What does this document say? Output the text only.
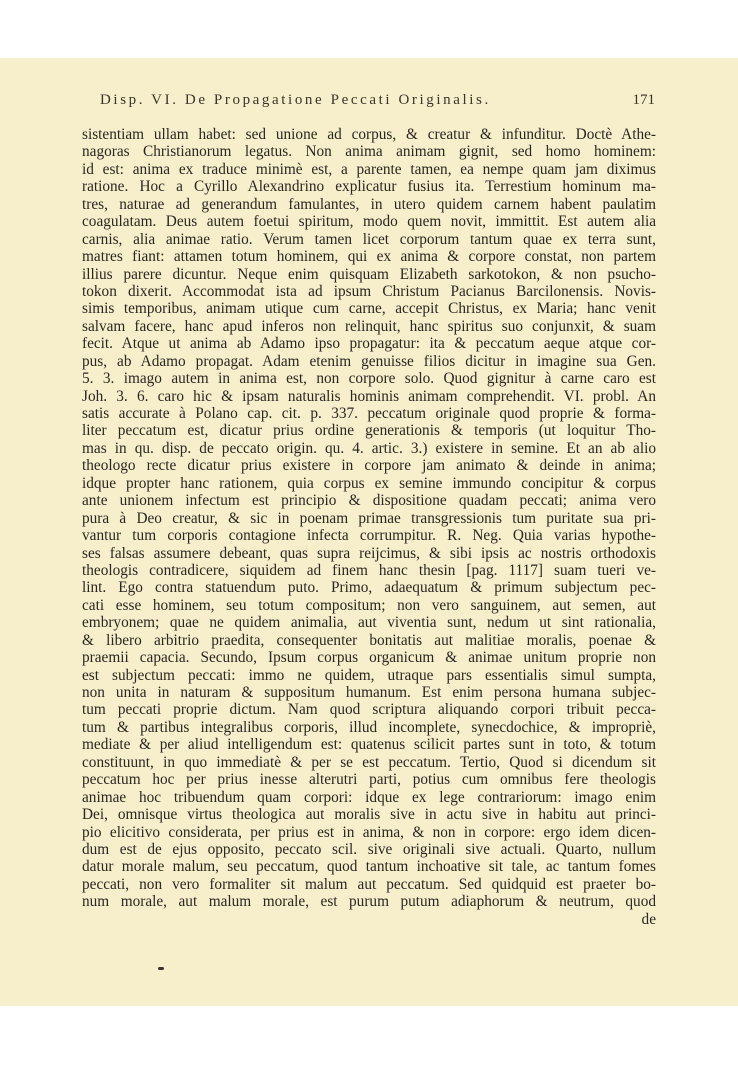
Disp. VI. De Propagatione Peccati Originalis.	171
sistentiam ullam habet: sed unione ad corpus, & creatur & infunditur. Doctè Athe-
nagoras Christianorum legatus. Non anima animam gignit, sed homo hominem:
id est: anima ex traduce minimè est, a parente tamen, ea nempe quam jam diximus
ratione. Hoc a Cyrillo Alexandrino explicatur fusius ita. Terrestium hominum ma-
tres, naturae ad generandum famulantes, in utero quidem carnem habent paulatim
coagulatam. Deus autem foetui spiritum, modo quem novit, immittit. Est autem alia
carnis, alia animae ratio. Verum tamen licet corporum tantum quae ex terra sunt,
matres fiant: attamen totum hominem, qui ex anima & corpore constat, non partem
illius parere dicuntur. Neque enim quisquam Elizabeth sarkotokon, & non psucho-
tokon dixerit. Accommodat ista ad ipsum Christum Pacianus Barcilonensis. Novis-
simis temporibus, animam utique cum carne, accepit Christus, ex Maria; hanc venit
salvam facere, hanc apud inferos non relinquit, hanc spiritus suo conjunxit, & suam
fecit. Atque ut anima ab Adamo ipso propagatur: ita & peccatum aeque atque cor-
pus, ab Adamo propagat. Adam etenim genuisse filios dicitur in imagine sua Gen.
5. 3. imago autem in anima est, non corpore solo. Quod gignitur à carne caro est
Joh. 3. 6. caro hic & ipsam naturalis hominis animam comprehendit. VI. probl. An
satis accurate à Polano cap. cit. p. 337. peccatum originale quod proprie & forma-
liter peccatum est, dicatur prius ordine generationis & temporis (ut loquitur Tho-
mas in qu. disp. de peccato origin. qu. 4. artic. 3.) existere in semine. Et an ab alio
theologo recte dicatur prius existere in corpore jam animato & deinde in anima;
idque propter hanc rationem, quia corpus ex semine immundo concipitur & corpus
ante unionem infectum est principio & dispositione quadam peccati; anima vero
pura à Deo creatur, & sic in poenam primae transgressionis tum puritate sua pri-
vantur tum corporis contagione infecta corrumpitur. R. Neg. Quia varias hypothe-
ses falsas assumere debeant, quas supra reijcimus, & sibi ipsis ac nostris orthodoxis
theologis contradicere, siquidem ad finem hanc thesin [pag. 1117] suam tueri ve-
lint. Ego contra statuendum puto. Primo, adaequatum & primum subjectum pec-
cati esse hominem, seu totum compositum; non vero sanguinem, aut semen, aut
embryonem; quae ne quidem animalia, aut viventia sunt, nedum ut sint rationalia,
& libero arbitrio praedita, consequenter bonitatis aut malitiae moralis, poenae &
praemii capacia. Secundo, Ipsum corpus organicum & animae unitum proprie non
est subjectum peccati: immo ne quidem, utraque pars essentialis simul sumpta,
non unita in naturam & suppositum humanum. Est enim persona humana subjec-
tum peccati proprie dictum. Nam quod scriptura aliquando corpori tribuit pecca-
tum & partibus integralibus corporis, illud incomplete, synecdochice, & impropriè,
mediate & per aliud intelligendum est: quatenus scilicit partes sunt in toto, & totum
constituunt, in quo immediatè & per se est peccatum. Tertio, Quod si dicendum sit
peccatum hoc per prius inesse alterutri parti, potius cum omnibus fere theologis
animae hoc tribuendum quam corpori: idque ex lege contrariorum: imago enim
Dei, omnisque virtus theologica aut moralis sive in actu sive in habitu aut princi-
pio elicitivo considerata, per prius est in anima, & non in corpore: ergo idem dicen-
dum est de ejus opposito, peccato scil. sive originali sive actuali. Quarto, nullum
datur morale malum, seu peccatum, quod tantum inchoative sit tale, ac tantum fomes
peccati, non vero formaliter sit malum aut peccatum. Sed quidquid est praeter bo-
num morale, aut malum morale, est purum putum adiaphorum & neutrum, quod
de
